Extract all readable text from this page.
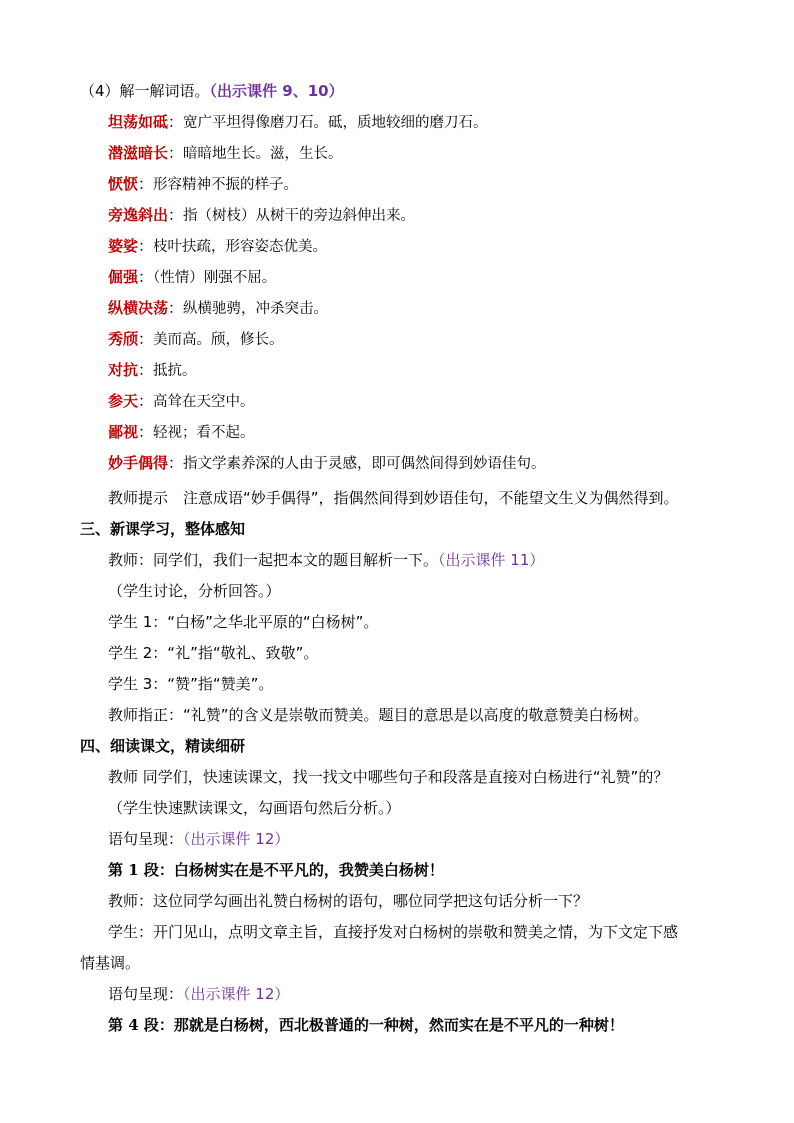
（4）解一解词语。（出示课件 9、10）
坦荡如砥：宽广平坦得像磨刀石。砥，质地较细的磨刀石。
潜滋暗长：暗暗地生长。滋，生长。
恹恹：形容精神不振的样子。
旁逸斜出：指（树枝）从树干的旁边斜伸出来。
婆娑：枝叶扶疏，形容姿态优美。
倔强：（性情）刚强不屈。
纵横决荡：纵横驰骋，冲杀突击。
秀颀：美而高。颀，修长。
对抗：抵抗。
参天：高耸在天空中。
鄙视：轻视；看不起。
妙手偶得：指文学素养深的人由于灵感，即可偶然间得到妙语佳句。
教师提示　注意成语“妙手偶得”，指偶然间得到妙语佳句，不能望文生义为偶然得到。
三、新课学习，整体感知
教师：同学们，我们一起把本文的题目解析一下。（出示课件 11）
（学生讨论，分析回答。）
学生 1：“白杨”之华北平原的“白杨树”。
学生 2：“礼”指“敬礼、致敬”。
学生 3：“赞”指“赞美”。
教师指正：“礼赞”的含义是崇敬而赞美。题目的意思是以高度的敬意赞美白杨树。
四、细读课文，精读细研
教师 同学们，快速读课文，找一找文中哪些句子和段落是直接对白杨进行“礼赞”的？
（学生快速默读课文，勾画语句然后分析。）
语句呈现：（出示课件 12）
第 1 段：白杨树实在是不平凡的，我赞美白杨树！
教师：这位同学勾画出礼赞白杨树的语句，哪位同学把这句话分析一下？
学生：开门见山，点明文章主旨，直接抒发对白杨树的崇敬和赞美之情，为下文定下感
情基调。
语句呈现：（出示课件 12）
第 4 段：那就是白杨树，西北极普通的一种树，然而实在是不平凡的一种树！
